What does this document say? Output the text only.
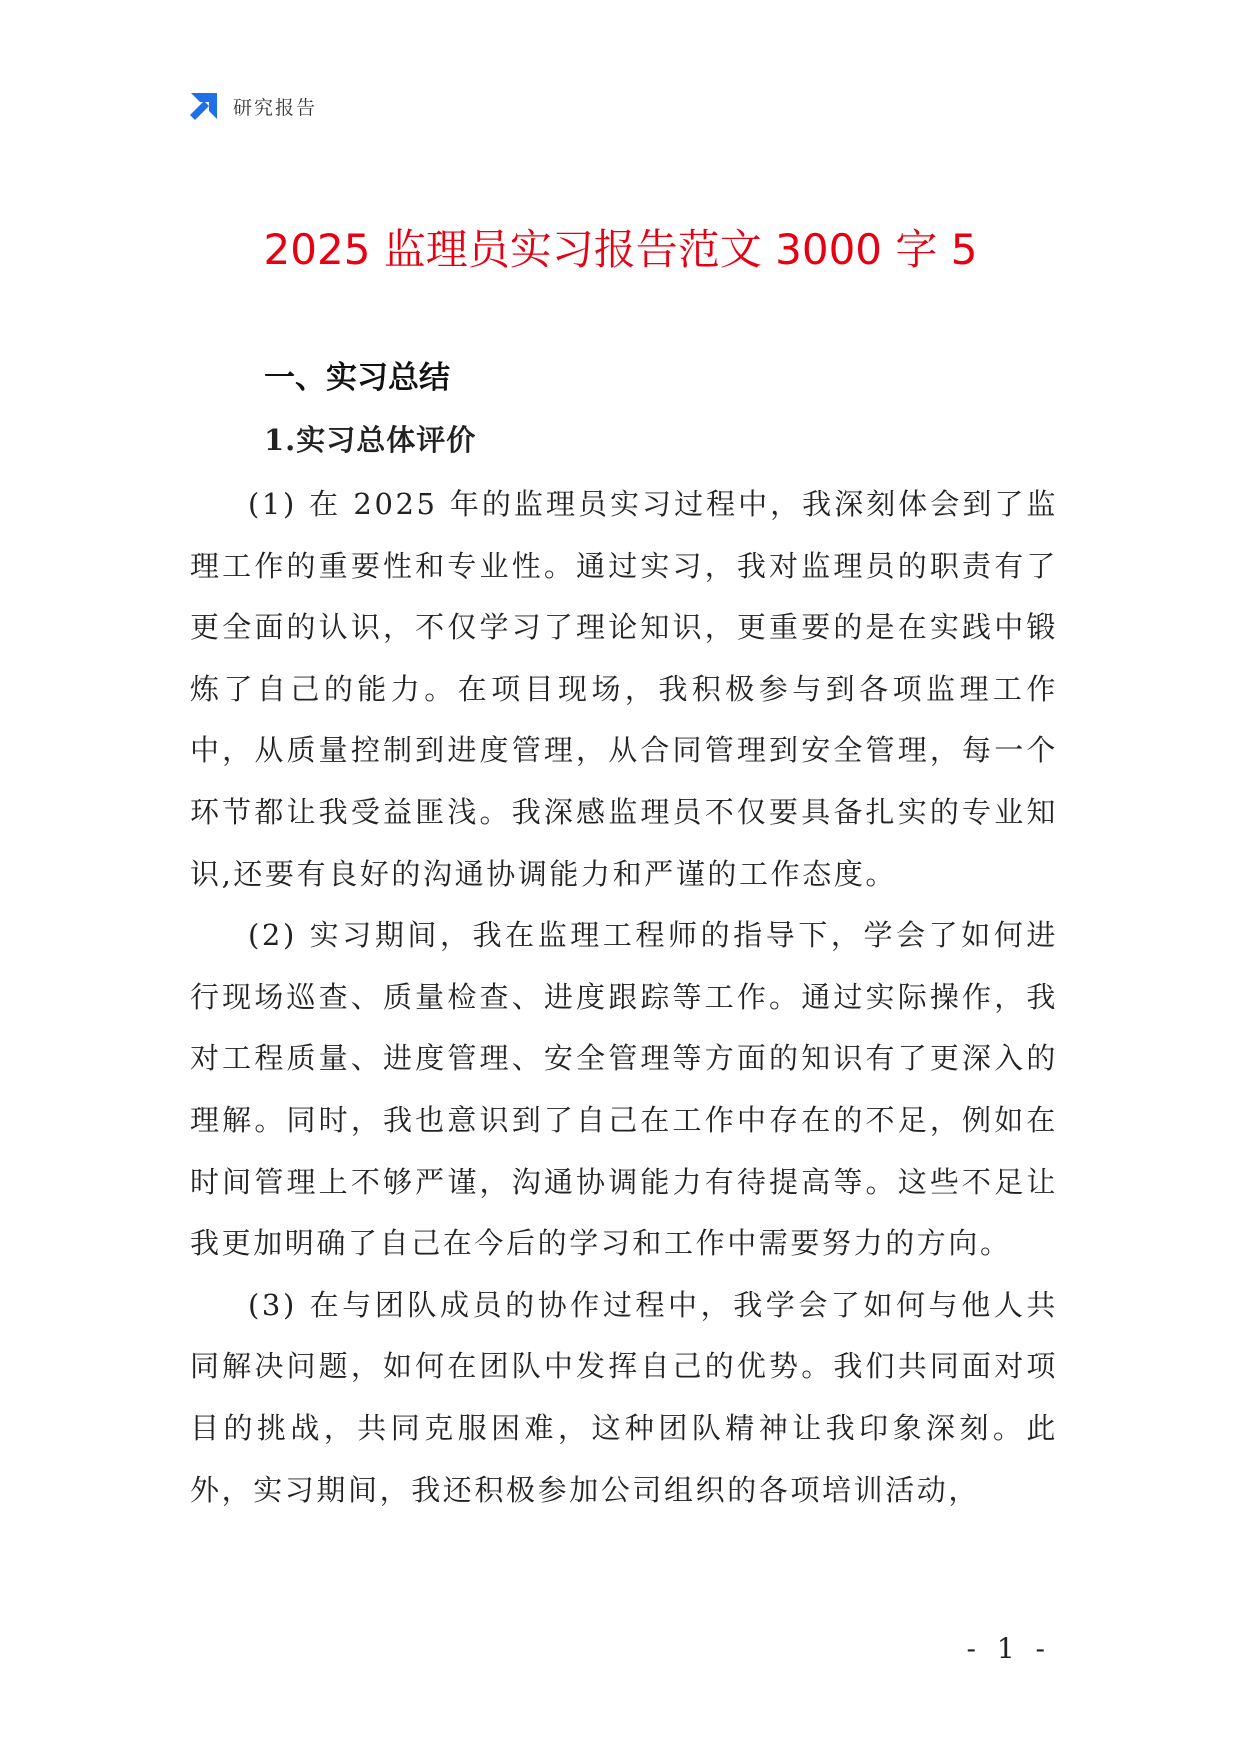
研究报告
2025 监理员实习报告范文 3000 字 5
一、实习总结
1.实习总体评价

(1) 在 2025 年的监理员实习过程中，我深刻体会到了监理工作的重要性和专业性。通过实习，我对监理员的职责有了更全面的认识，不仅学习了理论知识，更重要的是在实践中锻炼了自己的能力。在项目现场，我积极参与到各项监理工作中，从质量控制到进度管理，从合同管理到安全管理，每一个环节都让我受益匪浅。我深感监理员不仅要具备扎实的专业知识,还要有良好的沟通协调能力和严谨的工作态度。

(2) 实习期间，我在监理工程师的指导下，学会了如何进行现场巡查、质量检查、进度跟踪等工作。通过实际操作，我对工程质量、进度管理、安全管理等方面的知识有了更深入的理解。同时，我也意识到了自己在工作中存在的不足，例如在时间管理上不够严谨，沟通协调能力有待提高等。这些不足让我更加明确了自己在今后的学习和工作中需要努力的方向。

(3) 在与团队成员的协作过程中，我学会了如何与他人共同解决问题，如何在团队中发挥自己的优势。我们共同面对项目的挑战，共同克服困难，这种团队精神让我印象深刻。此外，实习期间，我还积极参加公司组织的各项培训活动，

- 1 -
